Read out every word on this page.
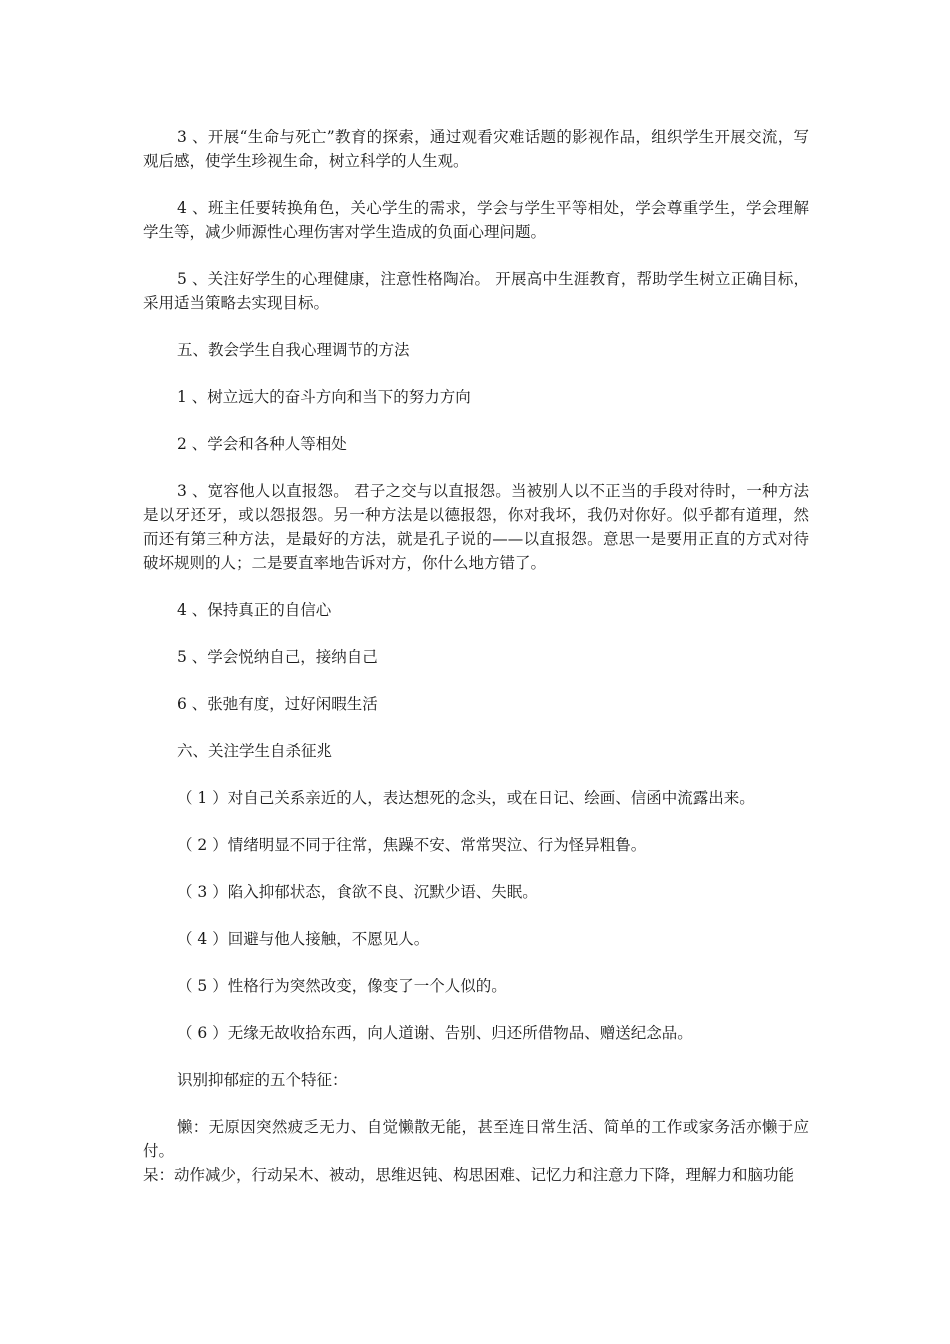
3 、开展“生命与死亡”教育的探索，通过观看灾难话题的影视作品，组织学生开展交流，写观后感，使学生珍视生命，树立科学的人生观。

4 、班主任要转换角色，关心学生的需求，学会与学生平等相处，学会尊重学生，学会理解学生等，减少师源性心理伤害对学生造成的负面心理问题。

5 、关注好学生的心理健康，注意性格陶冶。 开展高中生涯教育，帮助学生树立正确目标，采用适当策略去实现目标。

五、教会学生自我心理调节的方法

1 、树立远大的奋斗方向和当下的努力方向

2 、学会和各种人等相处

3 、宽容他人以直报怨。 君子之交与以直报怨。当被别人以不正当的手段对待时，一种方法是以牙还牙，或以怨报怨。另一种方法是以德报怨，你对我坏，我仍对你好。似乎都有道理，然而还有第三种方法，是最好的方法，就是孔子说的——以直报怨。意思一是要用正直的方式对待破坏规则的人；二是要直率地告诉对方，你什么地方错了。

4 、保持真正的自信心

5 、学会悦纳自己，接纳自己

6 、张弛有度，过好闲暇生活

六、关注学生自杀征兆

（ 1 ）对自己关系亲近的人，表达想死的念头，或在日记、绘画、信函中流露出来。

（ 2 ）情绪明显不同于往常，焦躁不安、常常哭泣、行为怪异粗鲁。

（ 3 ）陷入抑郁状态，食欲不良、沉默少语、失眠。

（ 4 ）回避与他人接触，不愿见人。

（ 5 ）性格行为突然改变，像变了一个人似的。

（ 6 ）无缘无故收拾东西，向人道谢、告别、归还所借物品、赠送纪念品。

识别抑郁症的五个特征：

懒：无原因突然疲乏无力、自觉懒散无能，甚至连日常生活、简单的工作或家务活亦懒于应付。

呆：动作减少，行动呆木、被动，思维迟钝、构思困难、记忆力和注意力下降，理解力和脑功能
